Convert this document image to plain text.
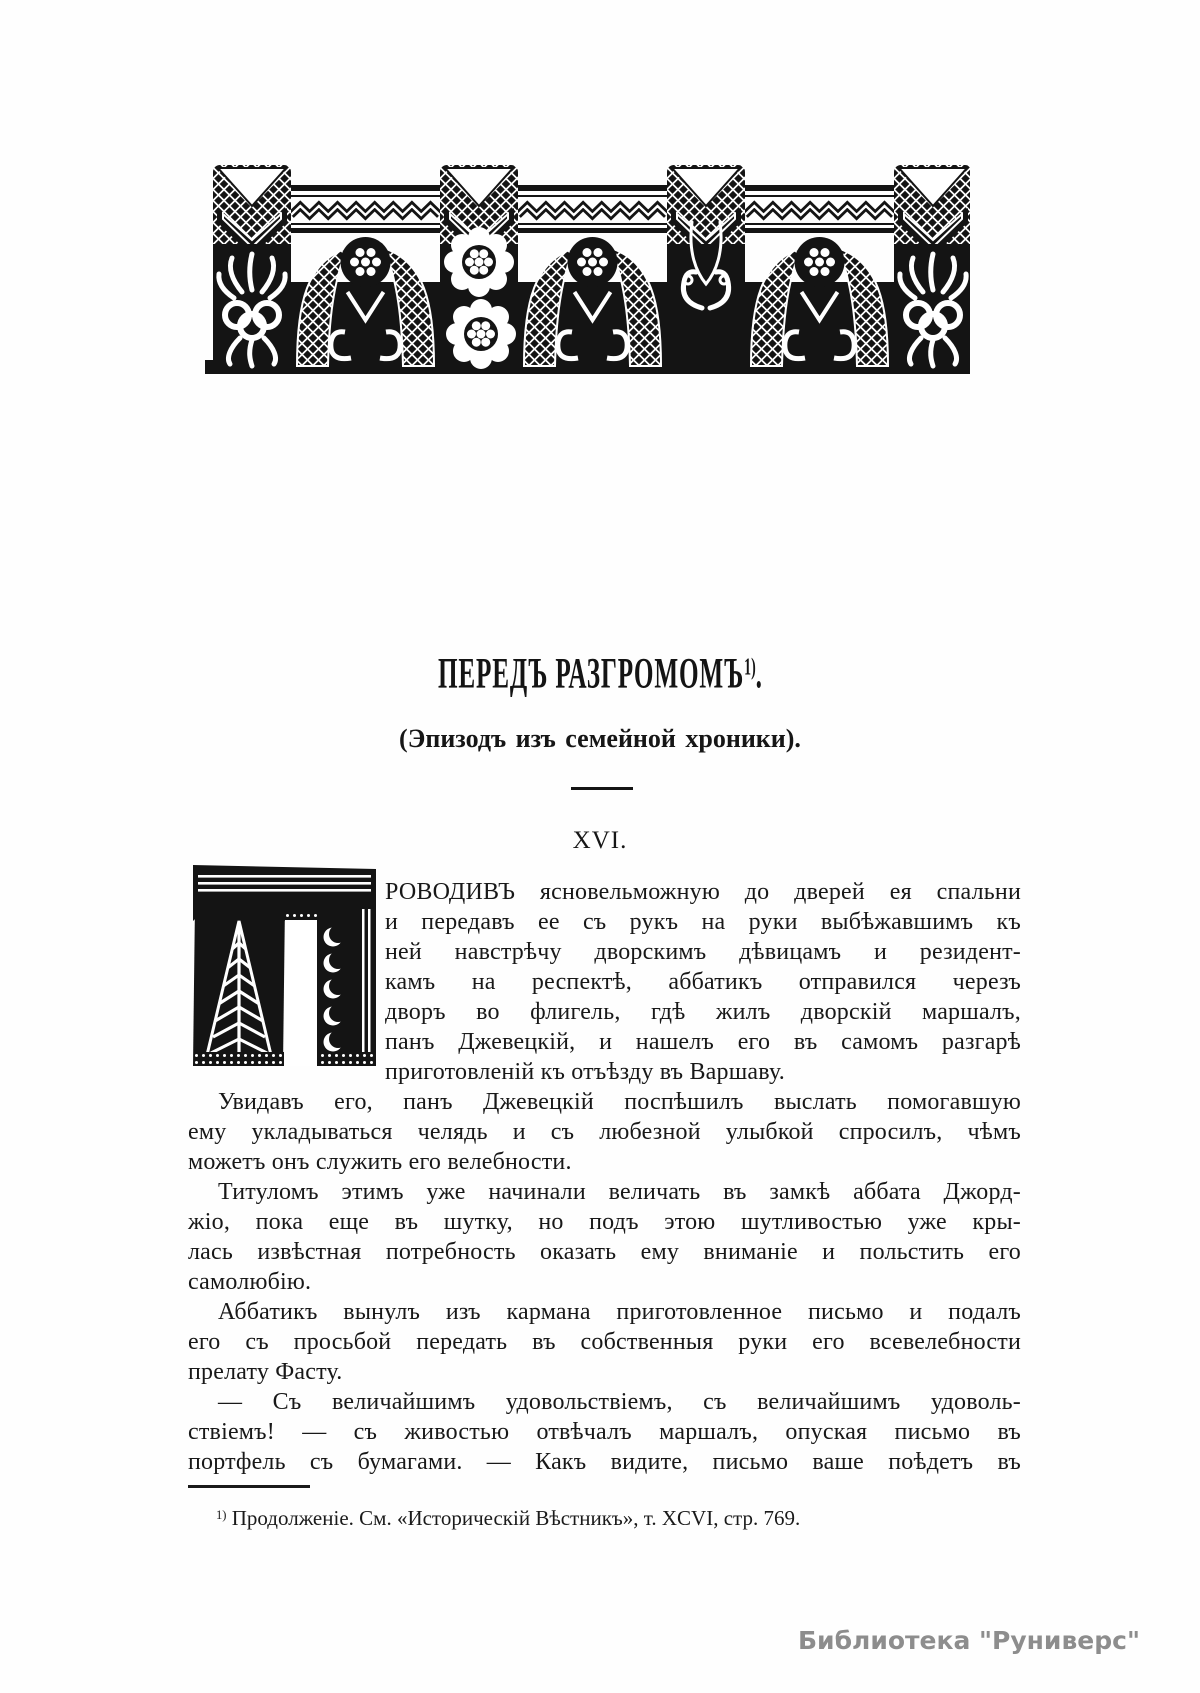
ПЕРЕДЪ РАЗГРОМОМЪ$^{1)}$.
(Эпизодъ изъ семейной хроники).
XVI.
РОВОДИВЪ ясновельможную до дверей ея спальни
и передавъ ее съ рукъ на руки выбѣжавшимъ къ
ней навстрѣчу дворскимъ дѣвицамъ и резидент-
камъ на респектѣ, аббатикъ отправился черезъ
дворъ во флигель, гдѣ жилъ дворскій маршалъ,
панъ Джевецкій, и нашелъ его въ самомъ разгарѣ
приготовленій къ отъѣзду въ Варшаву.
Увидавъ его, панъ Джевецкій поспѣшилъ выслать помогавшую
ему укладываться челядь и съ любезной улыбкой спросилъ, чѣмъ
можетъ онъ служить его велебности.
Титуломъ этимъ уже начинали величать въ замкѣ аббата Джорд-
жіо, пока еще въ шутку, но подъ этою шутливостью уже кры-
лась извѣстная потребность оказать ему вниманіе и польстить его
самолюбію.
Аббатикъ вынулъ изъ кармана приготовленное письмо и подалъ
его съ просьбой передать въ собственныя руки его всевелебности
прелату Фасту.
— Съ величайшимъ удовольствіемъ, съ величайшимъ удоволь-
ствіемъ! — съ живостью отвѣчалъ маршалъ, опуская письмо въ
портфель съ бумагами. — Какъ видите, письмо ваше поѣдетъ въ
$^{1)}$ Продолженіе. См. «Историческій Вѣстникъ», т. XCVI, стр. 769.
Библиотека "Руниверс"
